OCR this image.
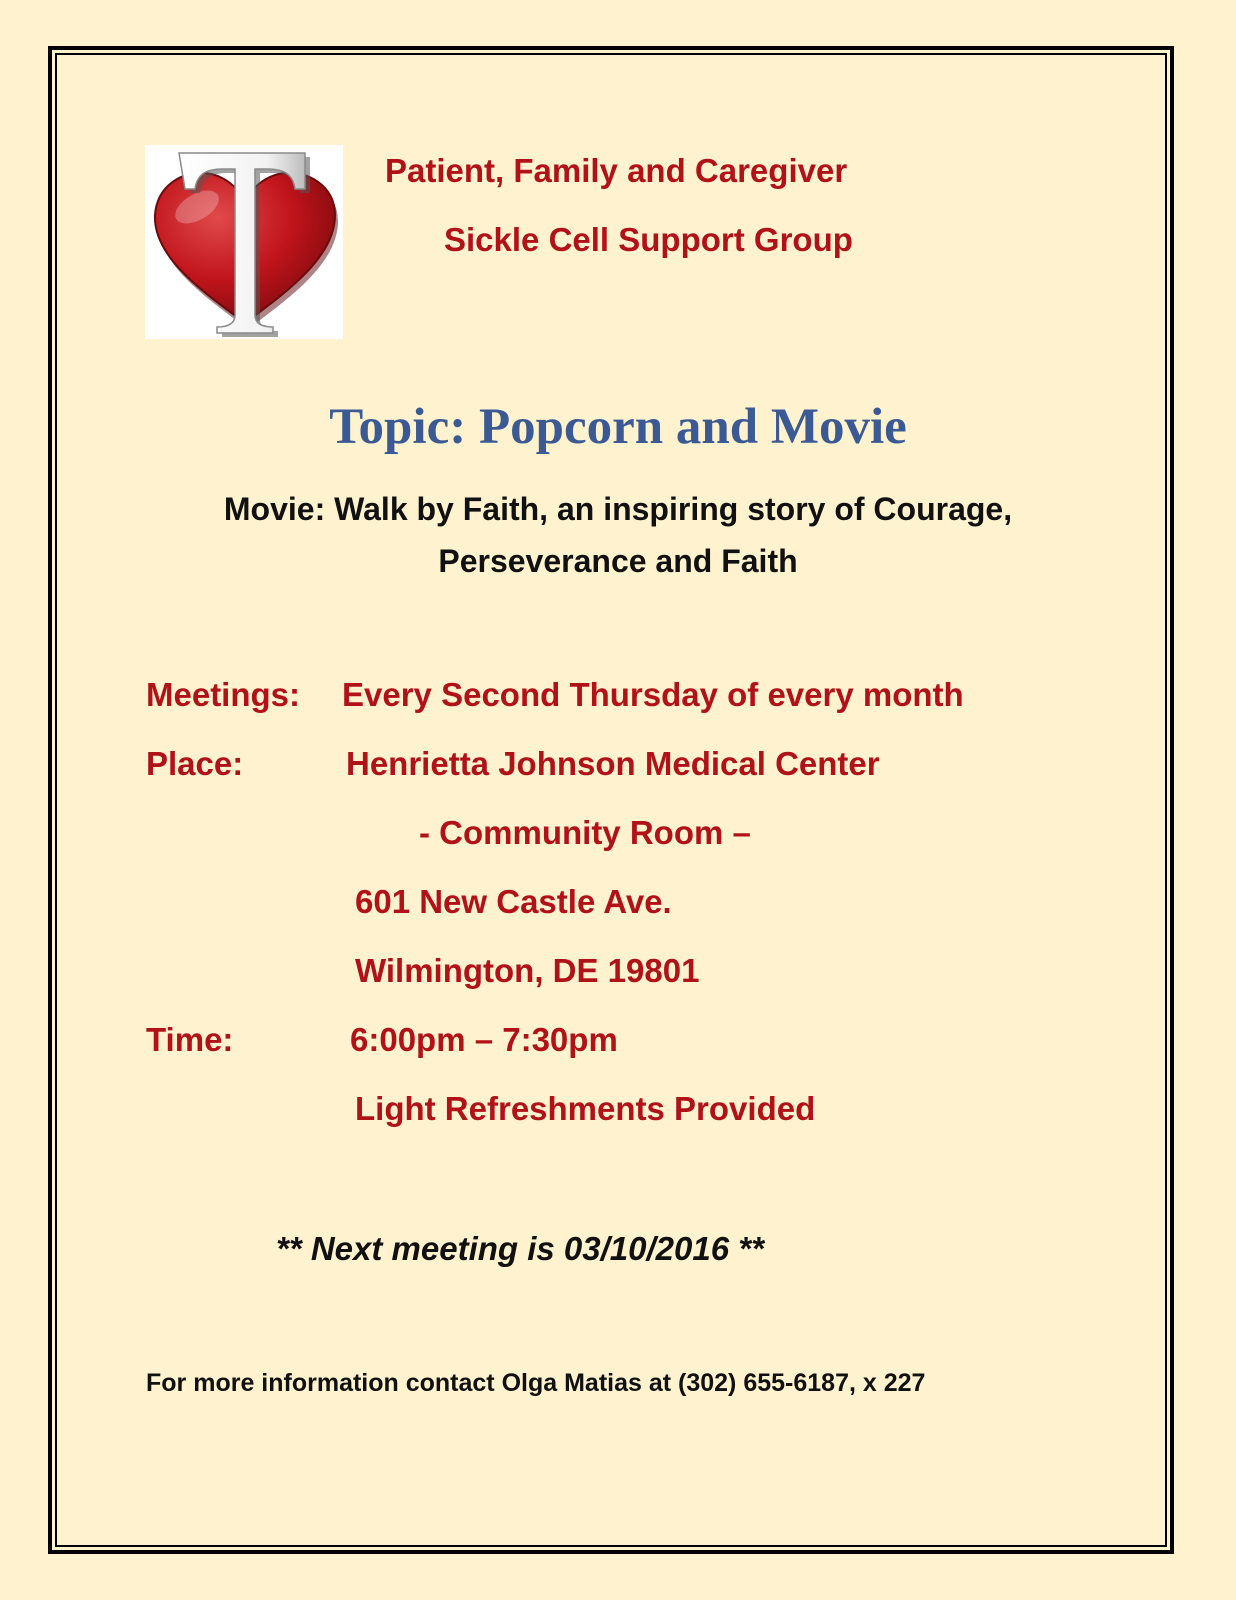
Patient, Family and Caregiver
Sickle Cell Support Group
Topic: Popcorn and Movie
Movie: Walk by Faith, an inspiring story of Courage,
Perseverance and Faith
Meetings: Every Second Thursday of every month
Place:	Henrietta Johnson Medical Center
- Community Room –
601 New Castle Ave.
Wilmington, DE 19801
Time:	6:00pm – 7:30pm
Light Refreshments Provided
** Next meeting is 03/10/2016 **
For more information contact Olga Matias at (302) 655-6187, x 227
